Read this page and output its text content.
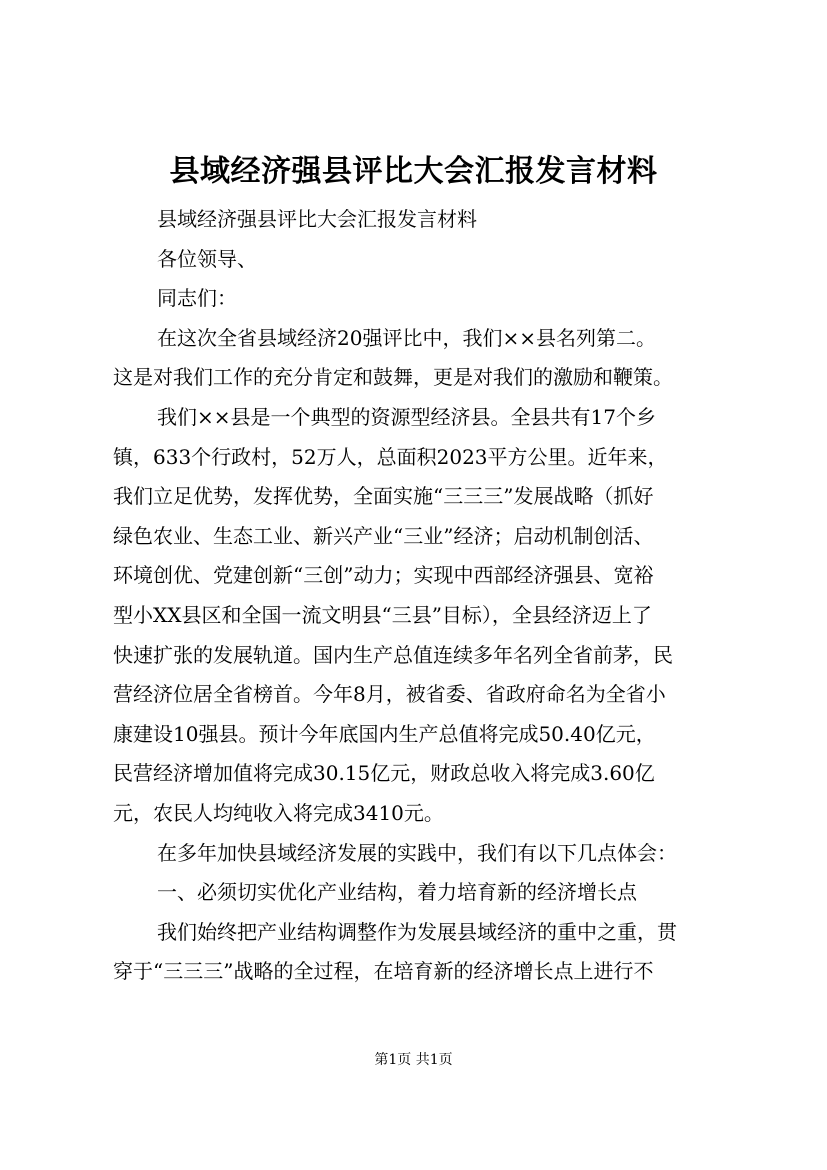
县域经济强县评比大会汇报发言材料

县域经济强县评比大会汇报发言材料

各位领导、

同志们：

在这次全省县域经济20强评比中，我们××县名列第二。
这是对我们工作的充分肯定和鼓舞，更是对我们的激励和鞭策。

我们××县是一个典型的资源型经济县。全县共有17个乡
镇，633个行政村，52万人，总面积2023平方公里。近年来，
我们立足优势，发挥优势，全面实施“三三三”发展战略（抓好
绿色农业、生态工业、新兴产业“三业”经济；启动机制创活、
环境创优、党建创新“三创”动力；实现中西部经济强县、宽裕
型小XX县区和全国一流文明县“三县”目标），全县经济迈上了
快速扩张的发展轨道。国内生产总值连续多年名列全省前茅，民
营经济位居全省榜首。今年8月，被省委、省政府命名为全省小
康建设10强县。预计今年底国内生产总值将完成50.40亿元，
民营经济增加值将完成30.15亿元，财政总收入将完成3.60亿
元，农民人均纯收入将完成3410元。

在多年加快县域经济发展的实践中，我们有以下几点体会：

一、必须切实优化产业结构，着力培育新的经济增长点

我们始终把产业结构调整作为发展县域经济的重中之重，贯
穿于“三三三”战略的全过程，在培育新的经济增长点上进行不

第1页 共1页
